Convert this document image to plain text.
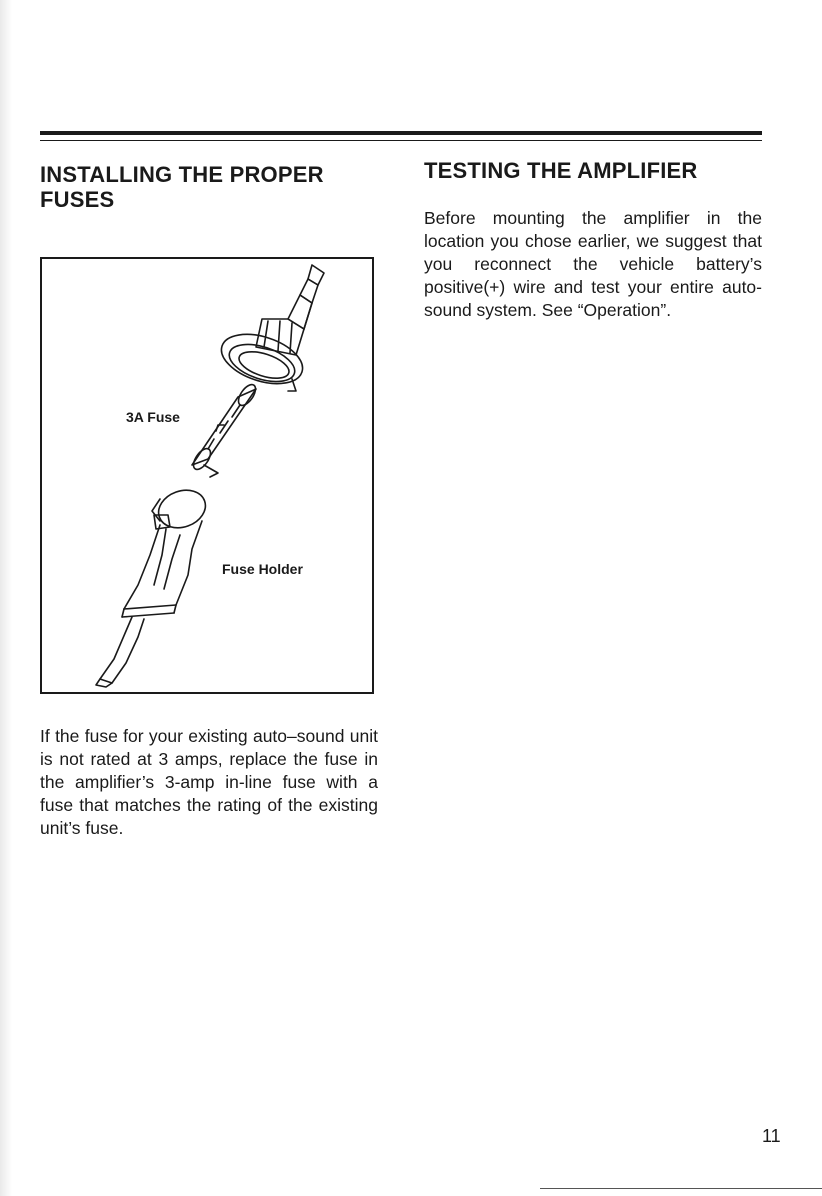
INSTALLING THE PROPER FUSES
TESTING THE AMPLIFIER

Before mounting the amplifier in the location you chose earlier, we suggest that you reconnect the vehicle battery’s positive(+) wire and test your entire auto-sound system. See “Operation”.

3A Fuse
Fuse Holder

If the fuse for your existing auto–sound unit is not rated at 3 amps, replace the fuse in the amplifier’s 3-amp in-line fuse with a fuse that matches the rating of the existing unit’s fuse.

11
